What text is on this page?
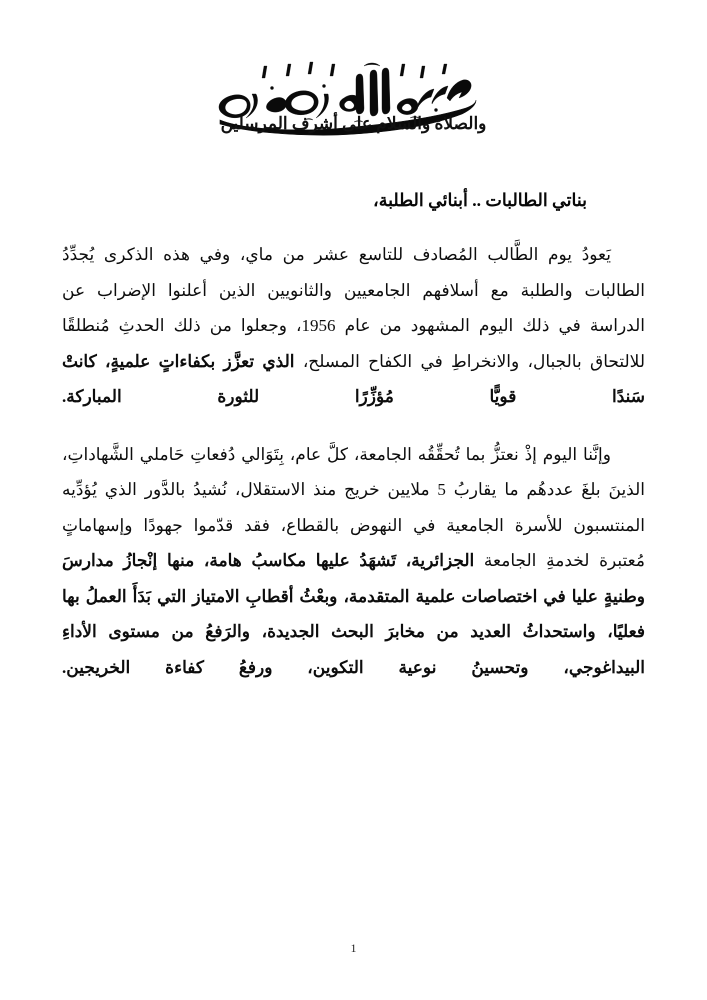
والصلاة والسلام على أشرف المرسلين
بناتي الطالبات .. أبنائي الطلبة،

يَعودُ يوم الطَّالب المُصادف للتاسع عشر من ماي، وفي هذه الذكرى يُجدِّدُ الطالبات والطلبة مع أسلافهم الجامعيين والثانويين الذين أعلنوا الإضراب عن الدراسة في ذلك اليوم المشهود من عام 1956، وجعلوا من ذلك الحدثِ مُنطلقًا للالتحاق بالجبال، والانخراطِ في الكفاح المسلح، الذي تعزَّز بكفاءاتٍ علميةٍ، كانتْ سَندًا قويًّا مُؤزِّرًا للثورة المباركة.

وإنَّنا اليوم إذْ نعتزُّ بما تُحقِّقُه الجامعة، كلَّ عام، بِتَوَالي دُفعاتِ حَاملي الشَّهاداتِ، الذينَ بلغَ عددهُم ما يقاربُ 5 ملايين خريج منذ الاستقلال، نُشيدُ بالدَّور الذي يُؤدِّيه المنتسبون للأسرة الجامعية في النهوض بالقطاع، فقد قدّموا جهودًا وإسهاماتٍ مُعتبرة لخدمةِ الجامعة الجزائرية، تَشهَدُ عليها مكاسبُ هامة، منها إنْجازُ مدارسَ وطنيةٍ عليا في اختصاصات علمية المتقدمة، وبعْثُ أقطابِ الامتياز التي بَدَأَ العملُ بها فعليًا، واستحداثُ العديد من مخابرَ البحث الجديدة، والرَفعُ من مستوى الأداءِ البيداغوجي، وتحسينُ نوعية التكوين، ورفعُ كفاءة الخريجين.

1
